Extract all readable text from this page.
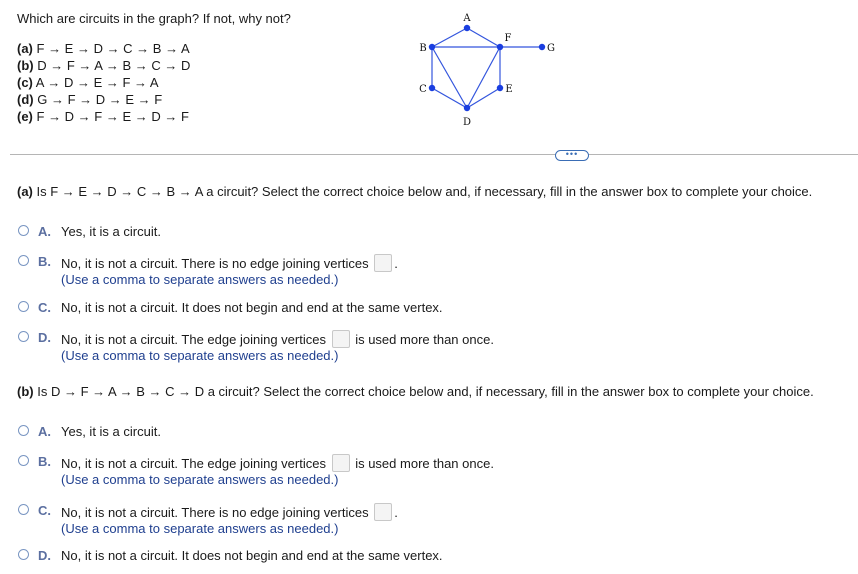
Which are circuits in the graph? If not, why not?
(a) F → E → D → C → B → A
(b) D → F → A → B → C → D
(c) A → D → E → F → A
(d) G → F → D → E → F
(e) F → D → F → E → D → F
A
B
C
D
E
F
G
•••
(a) Is F → E → D → C → B → A a circuit? Select the correct choice below and, if necessary, fill in the answer box to complete your choice.
A. Yes, it is a circuit.
B. No, it is not a circuit. There is no edge joining vertices .
(Use a comma to separate answers as needed.)
C. No, it is not a circuit. It does not begin and end at the same vertex.
D. No, it is not a circuit. The edge joining vertices is used more than once.
(Use a comma to separate answers as needed.)
(b) Is D → F → A → B → C → D a circuit? Select the correct choice below and, if necessary, fill in the answer box to complete your choice.
A. Yes, it is a circuit.
B. No, it is not a circuit. The edge joining vertices is used more than once.
(Use a comma to separate answers as needed.)
C. No, it is not a circuit. There is no edge joining vertices .
(Use a comma to separate answers as needed.)
D. No, it is not a circuit. It does not begin and end at the same vertex.
